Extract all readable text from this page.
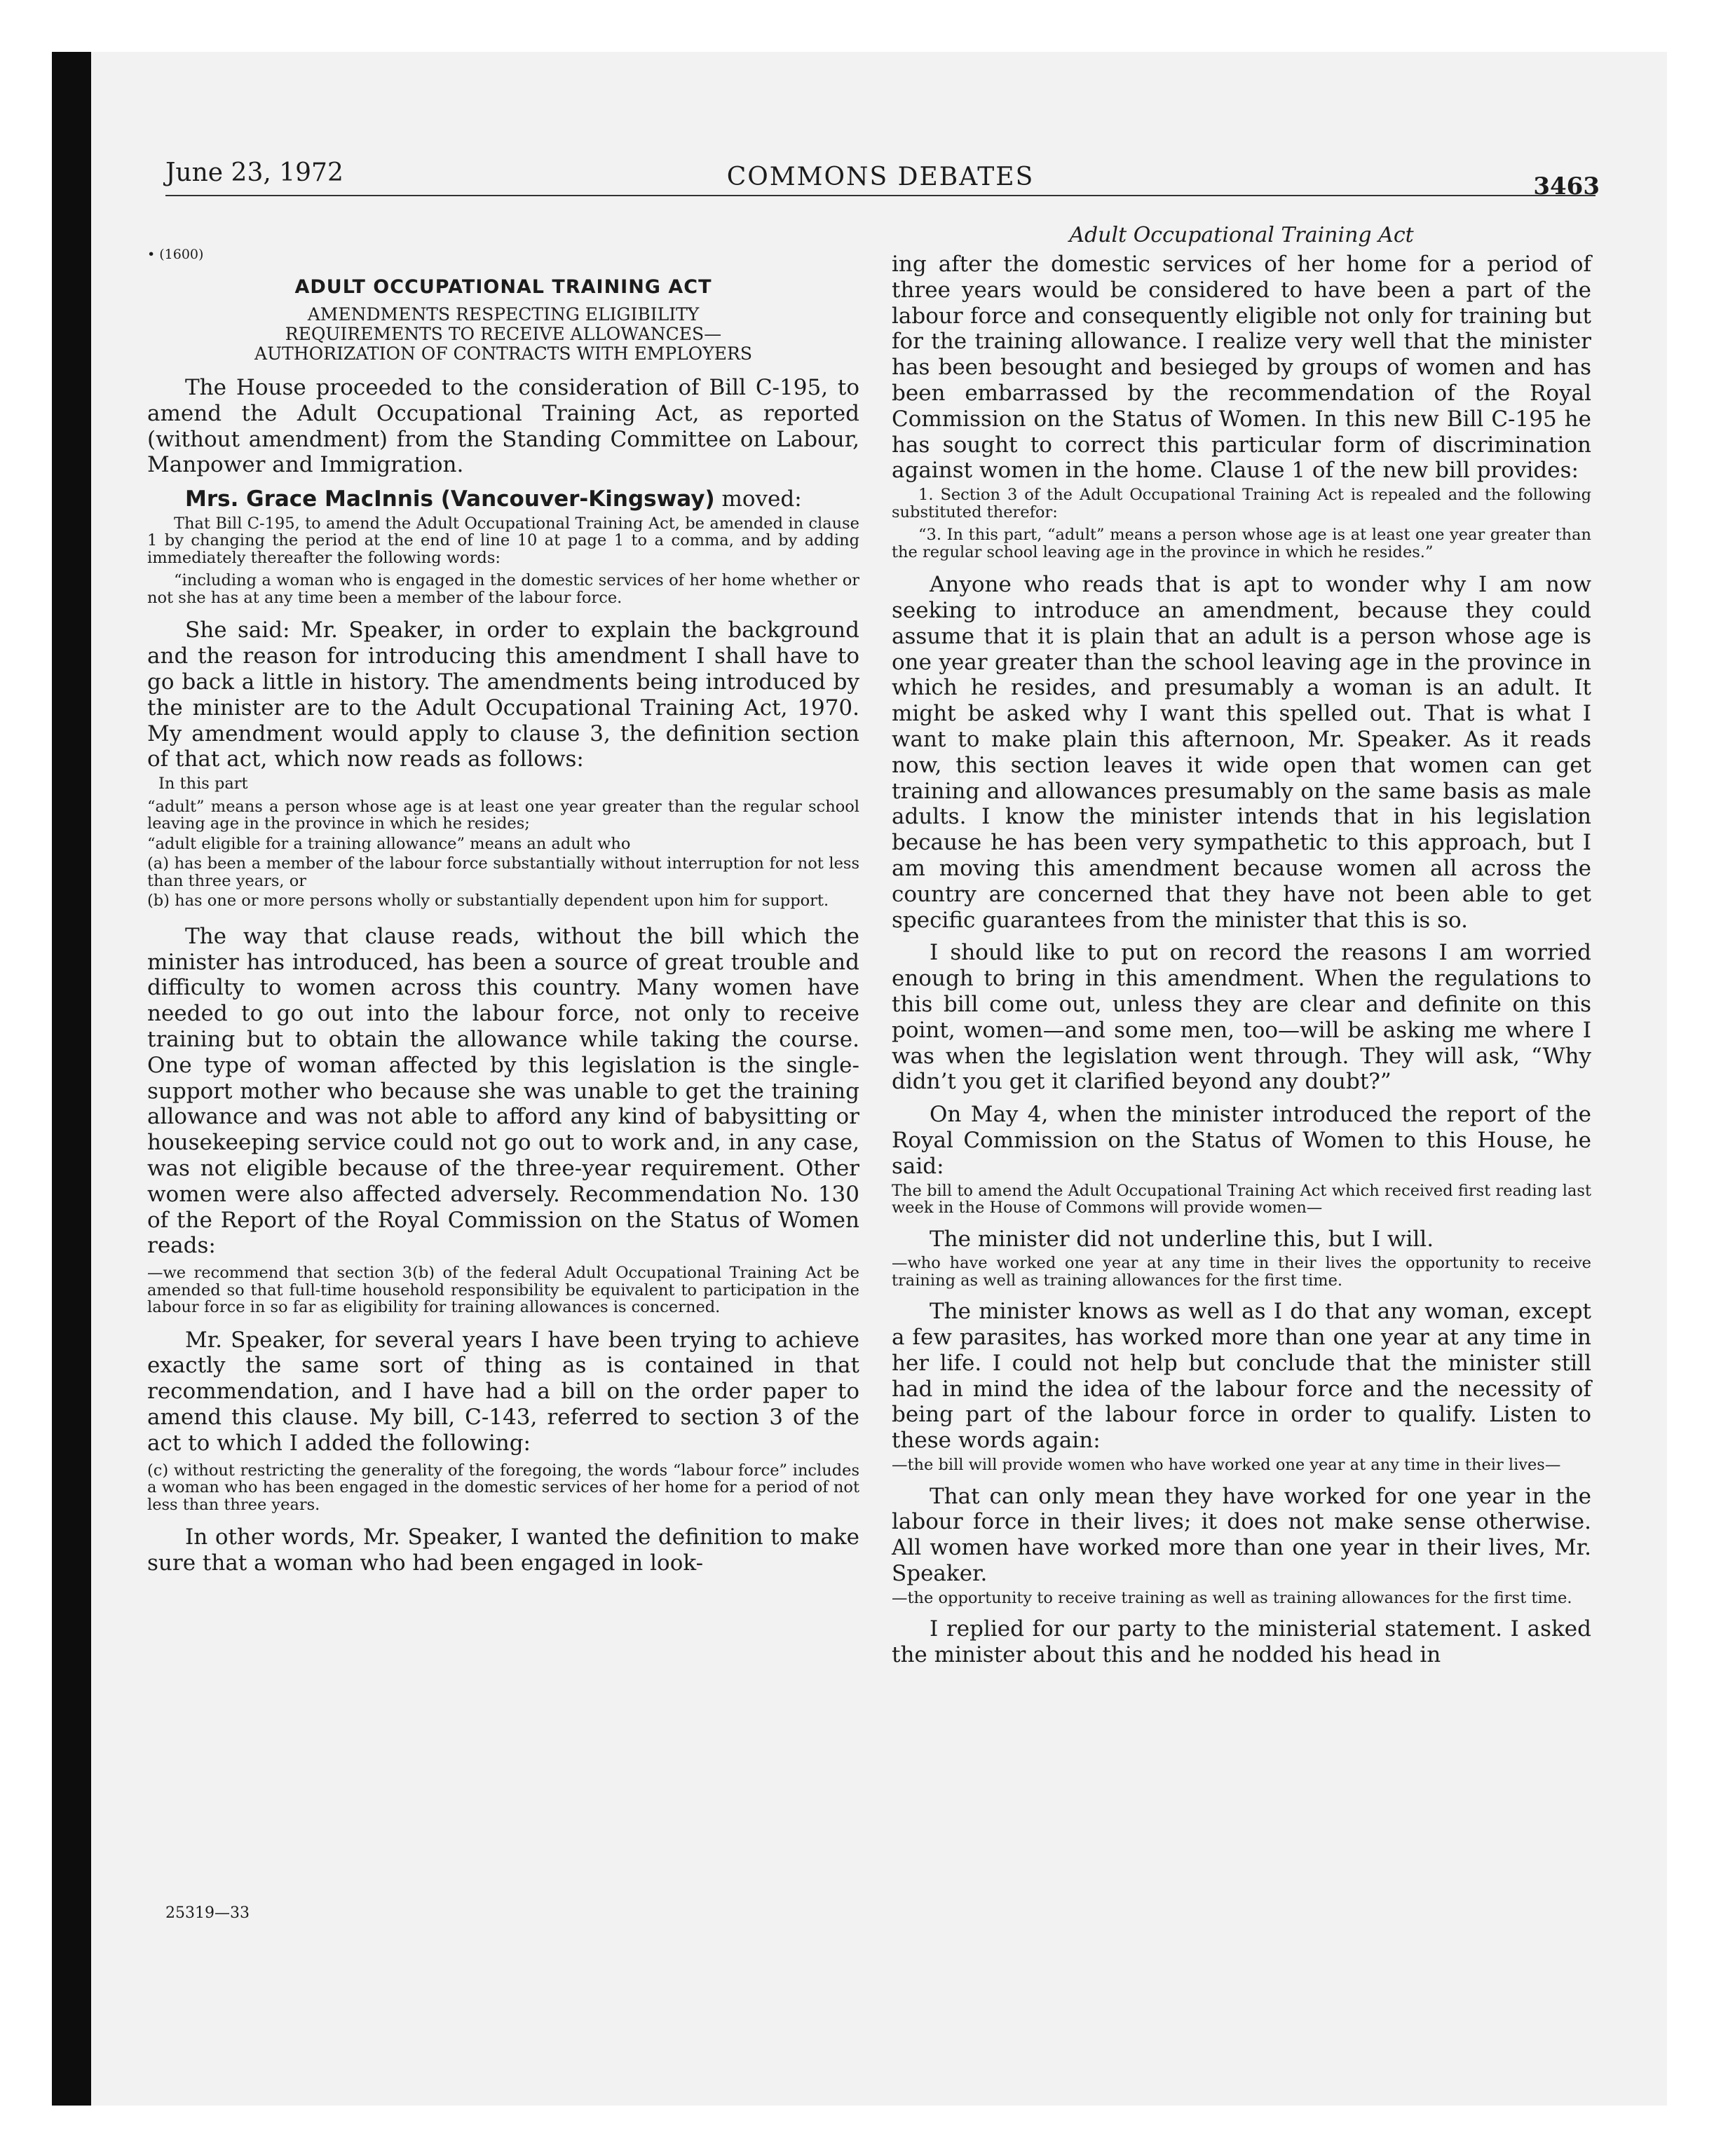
June 23, 1972	COMMONS DEBATES	3463
• (1600)

ADULT OCCUPATIONAL TRAINING ACT

AMENDMENTS RESPECTING ELIGIBILITY

REQUIREMENTS TO RECEIVE ALLOWANCES—

AUTHORIZATION OF CONTRACTS WITH EMPLOYERS

The House proceeded to the consideration of Bill C-195, to amend the Adult Occupational Training Act, as reported (without amendment) from the Standing Committee on Labour, Manpower and Immigration.

Mrs. Grace MacInnis (Vancouver-Kingsway) moved:

That Bill C-195, to amend the Adult Occupational Training Act, be amended in clause 1 by changing the period at the end of line 10 at page 1 to a comma, and by adding immediately thereafter the following words:

“including a woman who is engaged in the domestic services of her home whether or not she has at any time been a member of the labour force.

She said: Mr. Speaker, in order to explain the background and the reason for introducing this amendment I shall have to go back a little in history. The amendments being introduced by the minister are to the Adult Occupational Training Act, 1970. My amendment would apply to clause 3, the definition section of that act, which now reads as follows:

In this part

“adult” means a person whose age is at least one year greater than the regular school leaving age in the province in which he resides;

“adult eligible for a training allowance” means an adult who

(a) has been a member of the labour force substantially without interruption for not less than three years, or

(b) has one or more persons wholly or substantially dependent upon him for support.

The way that clause reads, without the bill which the minister has introduced, has been a source of great trouble and difficulty to women across this country. Many women have needed to go out into the labour force, not only to receive training but to obtain the allowance while taking the course. One type of woman affected by this legislation is the single-support mother who because she was unable to get the training allowance and was not able to afford any kind of babysitting or housekeeping service could not go out to work and, in any case, was not eligible because of the three-year requirement. Other women were also affected adversely. Recommendation No. 130 of the Report of the Royal Commission on the Status of Women reads:

—we recommend that section 3(b) of the federal Adult Occupational Training Act be amended so that full-time household responsibility be equivalent to participation in the labour force in so far as eligibility for training allowances is concerned.

Mr. Speaker, for several years I have been trying to achieve exactly the same sort of thing as is contained in that recommendation, and I have had a bill on the order paper to amend this clause. My bill, C-143, referred to section 3 of the act to which I added the following:

(c) without restricting the generality of the foregoing, the words “labour force” includes a woman who has been engaged in the domestic services of her home for a period of not less than three years.

In other words, Mr. Speaker, I wanted the definition to make sure that a woman who had been engaged in look-

Adult Occupational Training Act

ing after the domestic services of her home for a period of three years would be considered to have been a part of the labour force and consequently eligible not only for training but for the training allowance. I realize very well that the minister has been besought and besieged by groups of women and has been embarrassed by the recommendation of the Royal Commission on the Status of Women. In this new Bill C-195 he has sought to correct this particular form of discrimination against women in the home. Clause 1 of the new bill provides:

1. Section 3 of the Adult Occupational Training Act is repealed and the following substituted therefor:

“3. In this part, “adult” means a person whose age is at least one year greater than the regular school leaving age in the province in which he resides.”

Anyone who reads that is apt to wonder why I am now seeking to introduce an amendment, because they could assume that it is plain that an adult is a person whose age is one year greater than the school leaving age in the province in which he resides, and presumably a woman is an adult. It might be asked why I want this spelled out. That is what I want to make plain this afternoon, Mr. Speaker. As it reads now, this section leaves it wide open that women can get training and allowances presumably on the same basis as male adults. I know the minister intends that in his legislation because he has been very sympathetic to this approach, but I am moving this amendment because women all across the country are concerned that they have not been able to get specific guarantees from the minister that this is so.

I should like to put on record the reasons I am worried enough to bring in this amendment. When the regulations to this bill come out, unless they are clear and definite on this point, women—and some men, too—will be asking me where I was when the legislation went through. They will ask, “Why didn’t you get it clarified beyond any doubt?”

On May 4, when the minister introduced the report of the Royal Commission on the Status of Women to this House, he said:

The bill to amend the Adult Occupational Training Act which received first reading last week in the House of Commons will provide women—

The minister did not underline this, but I will.

—who have worked one year at any time in their lives the opportunity to receive training as well as training allowances for the first time.

The minister knows as well as I do that any woman, except a few parasites, has worked more than one year at any time in her life. I could not help but conclude that the minister still had in mind the idea of the labour force and the necessity of being part of the labour force in order to qualify. Listen to these words again:

—the bill will provide women who have worked one year at any time in their lives—

That can only mean they have worked for one year in the labour force in their lives; it does not make sense otherwise. All women have worked more than one year in their lives, Mr. Speaker.

—the opportunity to receive training as well as training allowances for the first time.

I replied for our party to the ministerial statement. I asked the minister about this and he nodded his head in

25319—33
